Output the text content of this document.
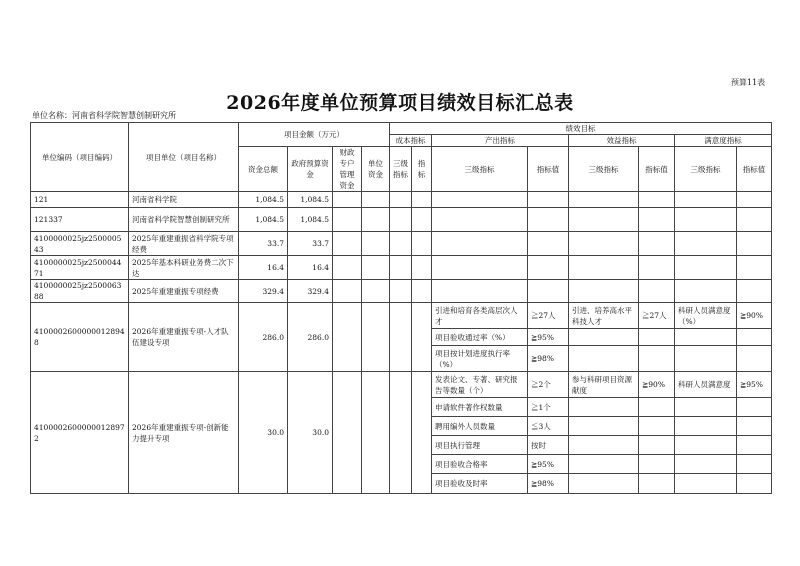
预算11表
2026年度单位预算项目绩效目标汇总表
单位名称：河南省科学院智慧创制研究所
单位编码（项目编码）	项目单位（项目名称）	项目金额（万元）				绩效目标							
						成本指标		产出指标		效益指标		满意度指标	
		资金总额	政府预算资金	财政专户管理资金	单位资金	三级指标	指标	三级指标	指标值	三级指标	指标值	三级指标	指标值
121	河南省科学院	1,084.5	1,084.5										
121337	河南省科学院智慧创制研究所	1,084.5	1,084.5										
4100000025jz250000543	2025年重建重振省科学院专项经费	33.7	33.7										
4100000025jz250004471	2025年基本科研业务费二次下达	16.4	16.4										
4100000025jz250006388	2025年重建重振专项经费	329.4	329.4										
41000026000000128948	2026年重建重振专项-人才队伍建设专项	286.0	286.0					引进和培育各类高层次人才	≧27人	引进、培养高水平科技人才	≧27人	科研人员满意度（%）	≧90%
								项目验收通过率（%）	≧95%				
								项目按计划进度执行率（%）	≧98%				
41000026000000128972	2026年重建重振专项-创新能力提升专项	30.0	30.0					发表论文、专著、研究报告等数量（个）	≧2个	参与科研项目资源献度	≧90%	科研人员满意度	≧95%
								申请软件著作权数量	≧1个				
								聘用编外人员数量	≦3人				
								项目执行管理	按时				
								项目验收合格率	≧95%				
								项目验收及时率	≧98%				
